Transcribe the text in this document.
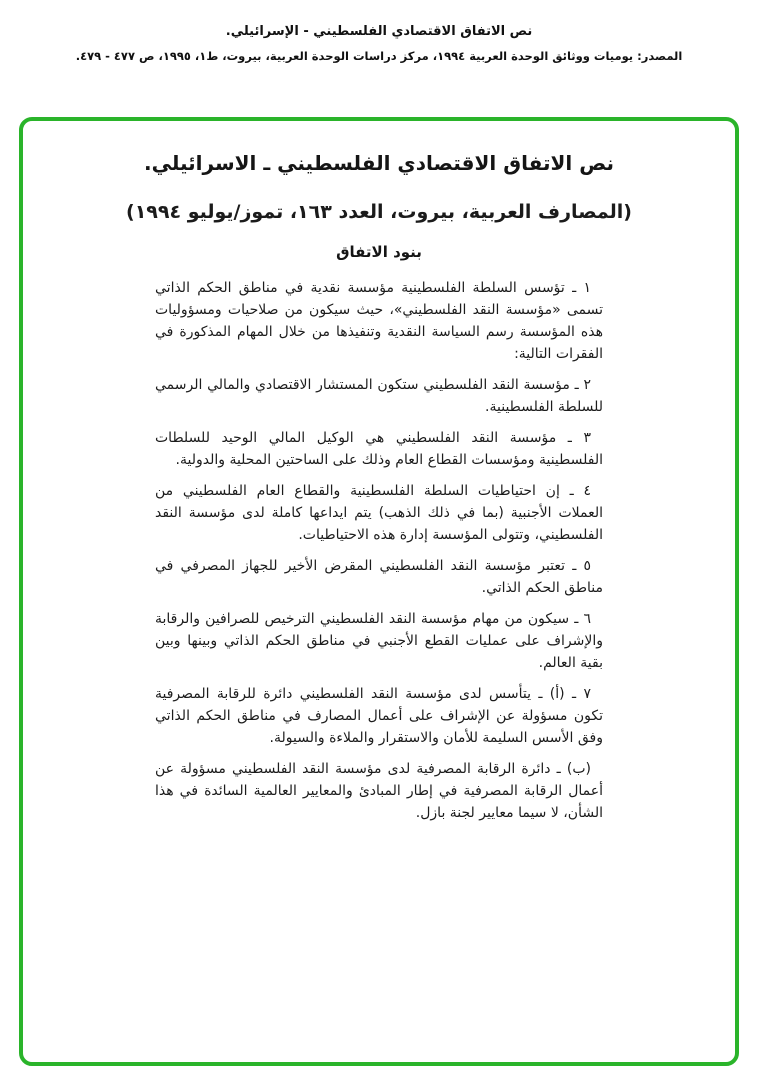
نص الاتفاق الاقتصادي الفلسطيني - الإسرائيلي.
المصدر: يوميات ووثائق الوحدة العربية ١٩٩٤، مركز دراسات الوحدة العربية، بيروت، ط١، ١٩٩٥، ص ٤٧٧ - ٤٧٩.
نص الاتفاق الاقتصادي الفلسطيني ـ الاسرائيلي.
(المصارف العربية، بيروت، العدد ١٦٣، تموز/يوليو ١٩٩٤)
بنود الاتفاق

١ ـ تؤسس السلطة الفلسطينية مؤسسة نقدية في مناطق الحكم الذاتي تسمى «مؤسسة النقد الفلسطيني»، حيث سيكون من صلاحيات ومسؤوليات هذه المؤسسة رسم السياسة النقدية وتنفيذها من خلال المهام المذكورة في الفقرات التالية:

٢ ـ مؤسسة النقد الفلسطيني ستكون المستشار الاقتصادي والمالي الرسمي للسلطة الفلسطينية.

٣ ـ مؤسسة النقد الفلسطيني هي الوكيل المالي الوحيد للسلطات الفلسطينية ومؤسسات القطاع العام وذلك على الساحتين المحلية والدولية.

٤ ـ إن احتياطيات السلطة الفلسطينية والقطاع العام الفلسطيني من العملات الأجنبية (بما في ذلك الذهب) يتم ايداعها كاملة لدى مؤسسة النقد الفلسطيني، وتتولى المؤسسة إدارة هذه الاحتياطيات.

٥ ـ تعتبر مؤسسة النقد الفلسطيني المقرض الأخير للجهاز المصرفي في مناطق الحكم الذاتي.

٦ ـ سيكون من مهام مؤسسة النقد الفلسطيني الترخيص للصرافين والرقابة والإشراف على عمليات القطع الأجنبي في مناطق الحكم الذاتي وبينها وبين بقية العالم.

٧ ـ (أ) ـ يتأسس لدى مؤسسة النقد الفلسطيني دائرة للرقابة المصرفية تكون مسؤولة عن الإشراف على أعمال المصارف في مناطق الحكم الذاتي وفق الأسس السليمة للأمان والاستقرار والملاءة والسيولة.

(ب) ـ دائرة الرقابة المصرفية لدى مؤسسة النقد الفلسطيني مسؤولة عن أعمال الرقابة المصرفية في إطار المبادئ والمعايير العالمية السائدة في هذا الشأن، لا سيما معايير لجنة بازل.
